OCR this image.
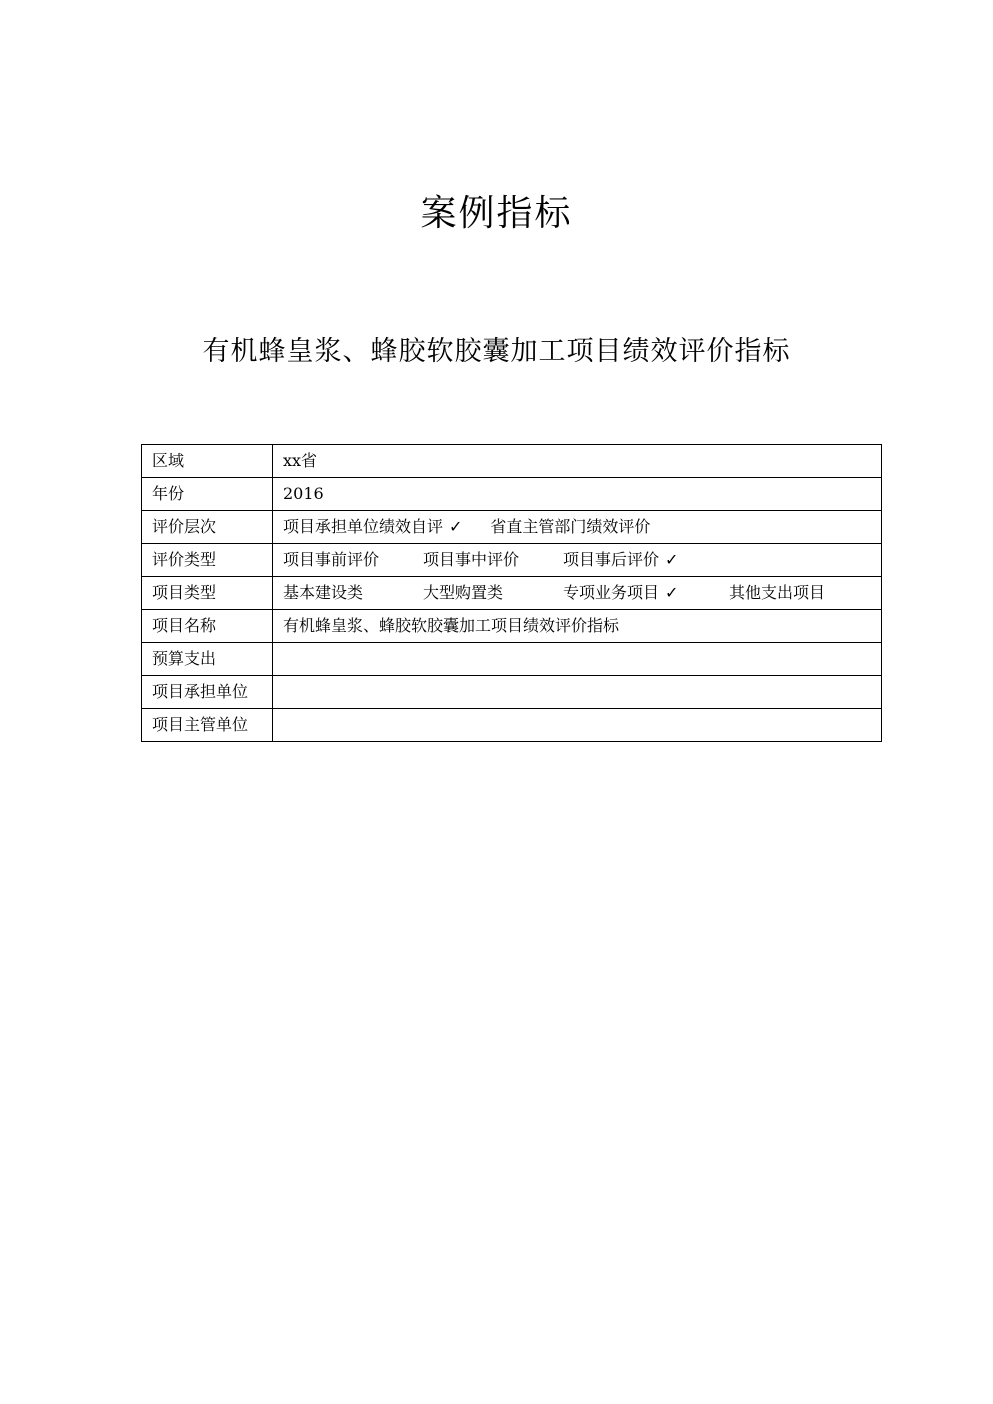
案例指标
有机蜂皇浆、蜂胶软胶囊加工项目绩效评价指标
区域	xx省
年份	2016
评价层次	项目承担单位绩效自评 ✓ 省直主管部门绩效评价
评价类型	项目事前评价 项目事中评价 项目事后评价 ✓
项目类型	基本建设类 大型购置类 专项业务项目 ✓ 其他支出项目
项目名称	有机蜂皇浆、蜂胶软胶囊加工项目绩效评价指标
预算支出	
项目承担单位	
项目主管单位	
